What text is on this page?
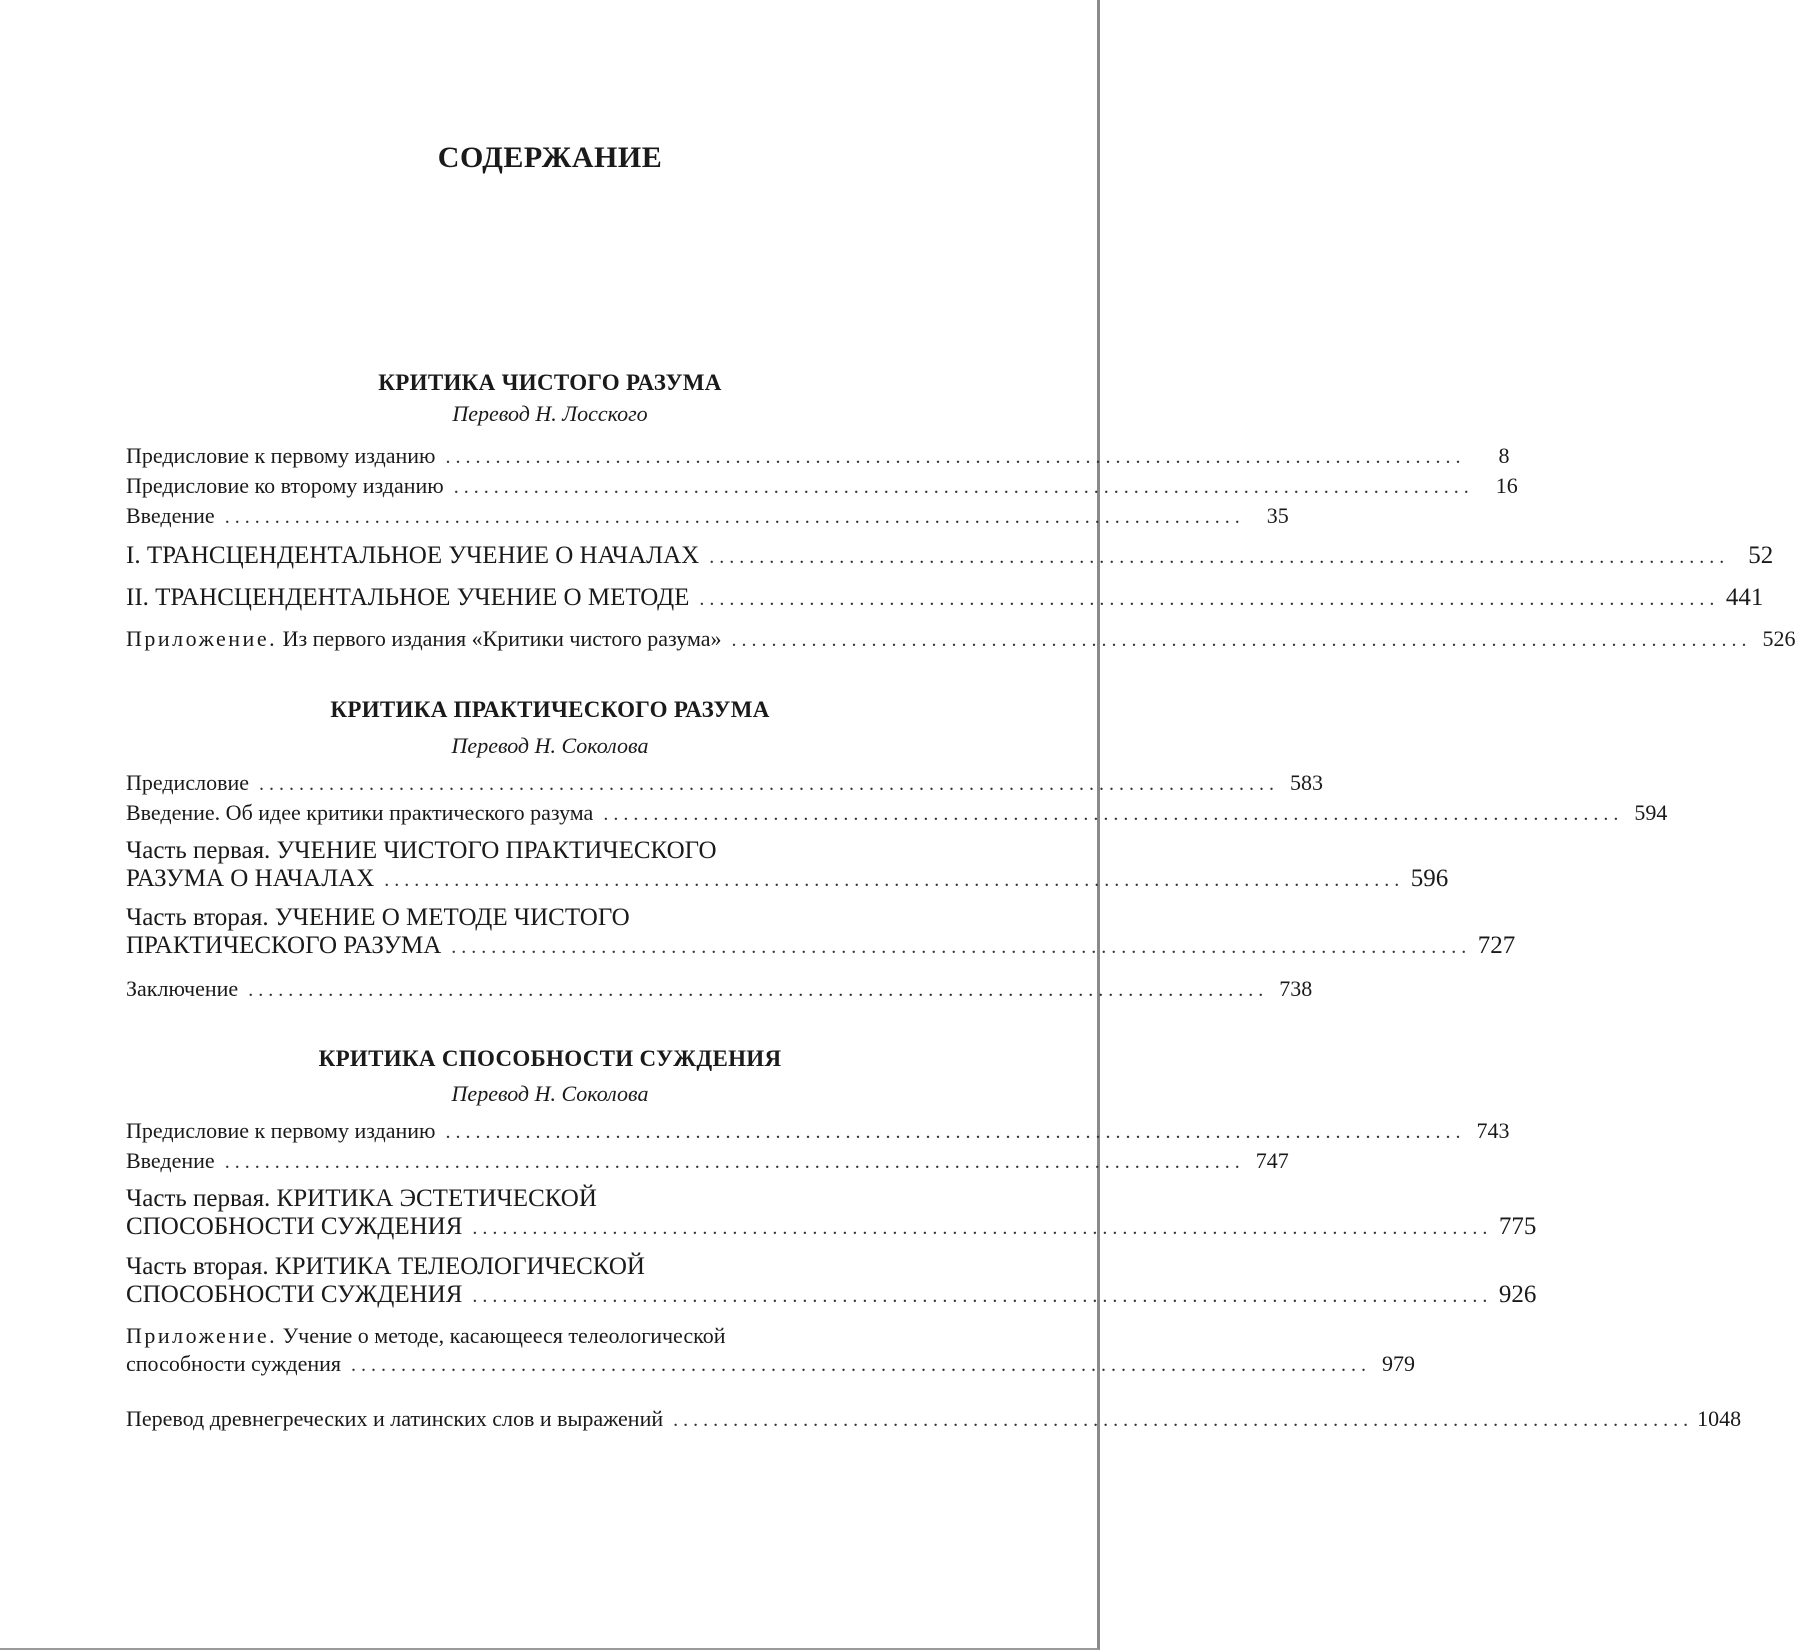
СОДЕРЖАНИЕ
КРИТИКА ЧИСТОГО РАЗУМА
Перевод Н. Лосского
Предисловие к первому изданию ......................................................................................................	8
Предисловие ко второму изданию ......................................................................................................	16
Введение ......................................................................................................	35
I. ТРАНСЦЕНДЕНТАЛЬНОЕ УЧЕНИЕ О НАЧАЛАХ ...................................................................................................... 52
II. ТРАНСЦЕНДЕНТАЛЬНОЕ УЧЕНИЕ О МЕТОДЕ ...................................................................................................... 441
Приложение. Из первого издания «Критики чистого разума» ...................................................................................................... 526
КРИТИКА ПРАКТИЧЕСКОГО РАЗУМА
Перевод Н. Соколова
Предисловие ...................................................................................................... 583
Введение. Об идее критики практического разума ...................................................................................................... 594
Часть первая. УЧЕНИЕ ЧИСТОГО ПРАКТИЧЕСКОГО
РАЗУМА О НАЧАЛАХ ...................................................................................................... 596
Часть вторая. УЧЕНИЕ О МЕТОДЕ ЧИСТОГО
ПРАКТИЧЕСКОГО РАЗУМА ...................................................................................................... 727
Заключение ...................................................................................................... 738
КРИТИКА СПОСОБНОСТИ СУЖДЕНИЯ
Перевод Н. Соколова
Предисловие к первому изданию ...................................................................................................... 743
Введение ...................................................................................................... 747
Часть первая. КРИТИКА ЭСТЕТИЧЕСКОЙ
СПОСОБНОСТИ СУЖДЕНИЯ ...................................................................................................... 775
Часть вторая. КРИТИКА ТЕЛЕОЛОГИЧЕСКОЙ
СПОСОБНОСТИ СУЖДЕНИЯ ...................................................................................................... 926
Приложение. Учение о методе, касающееся телеологической
способности суждения ...................................................................................................... 979
Перевод древнегреческих и латинских слов и выражений ...................................................................................................... 1048
